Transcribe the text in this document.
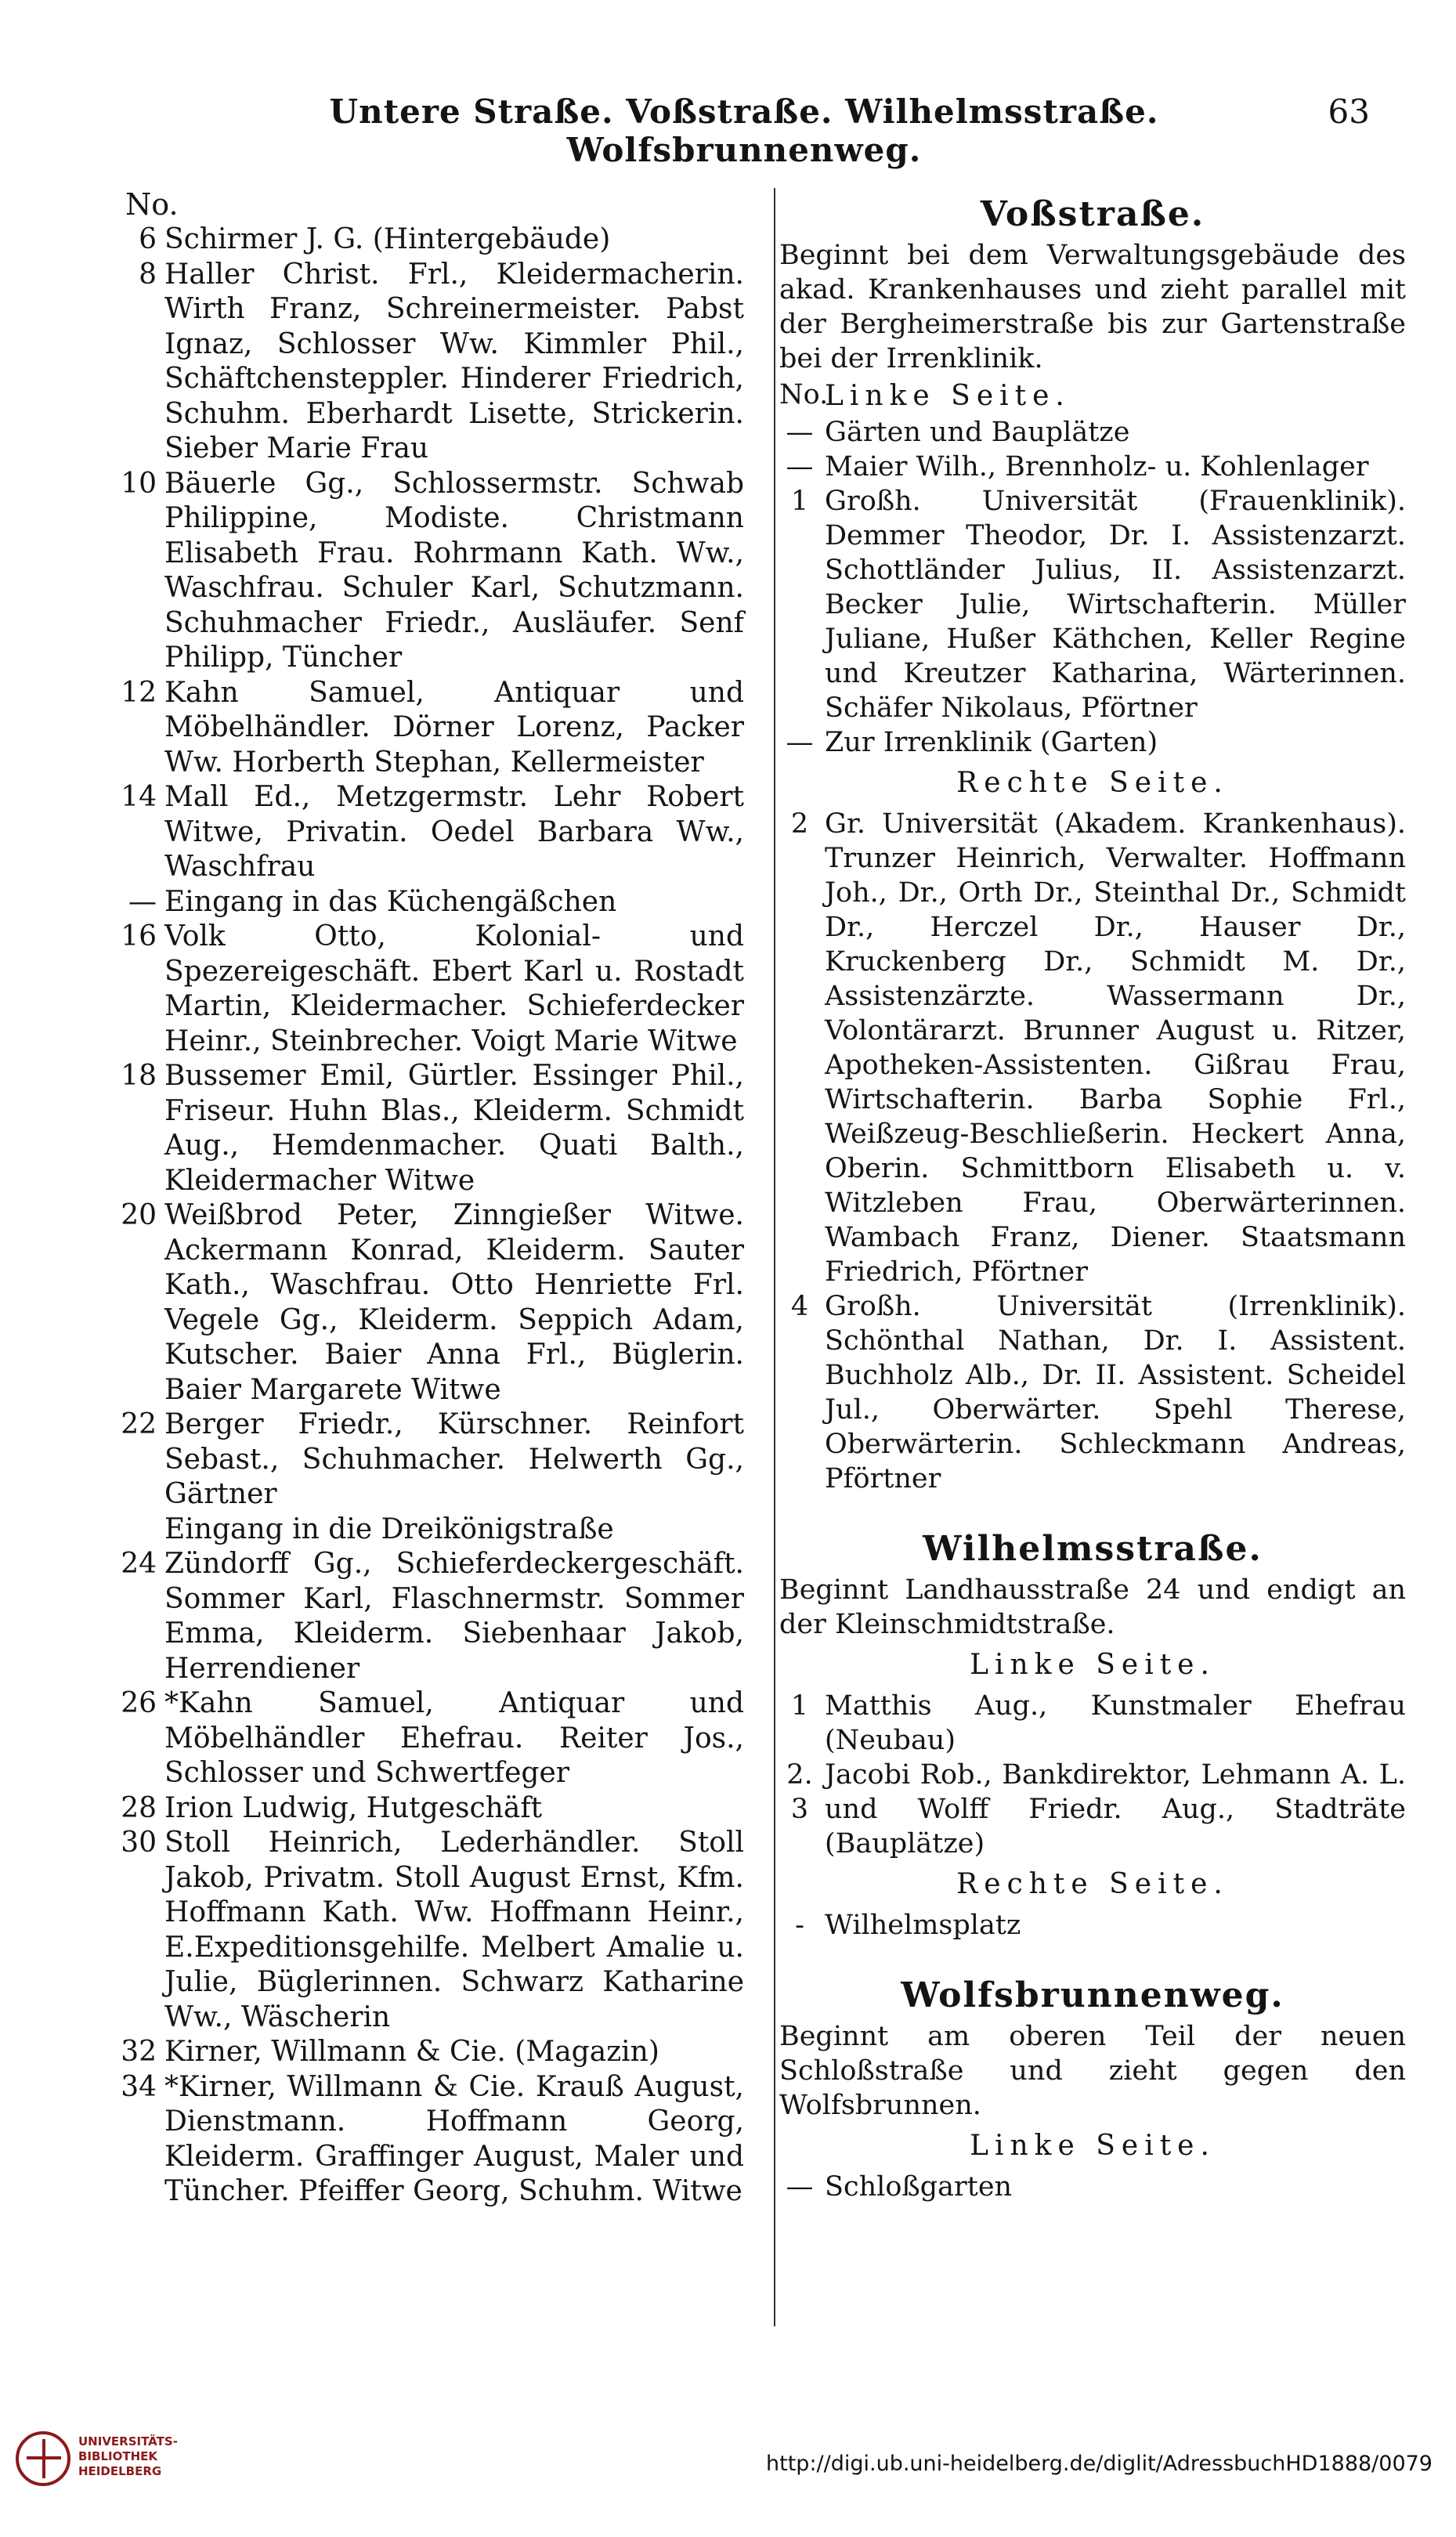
Untere Straße. Voßstraße. Wilhelmsstraße. Wolfsbrunnenweg.
63
No.
6 Schirmer J. G. (Hintergebäude)
8 Haller Christ. Frl., Kleidermacherin. Wirth Franz, Schreinermeister. Pabst Ignaz, Schlosser Ww. Kimmler Phil., Schäftchensteppler. Hinderer Friedrich, Schuhm. Eberhardt Lisette, Strickerin. Sieber Marie Frau
10 Bäuerle Gg., Schlossermstr. Schwab Philippine, Modiste. Christmann Elisabeth Frau. Rohrmann Kath. Ww., Waschfrau. Schuler Karl, Schutzmann. Schuhmacher Friedr., Ausläufer. Senf Philipp, Tüncher
12 Kahn Samuel, Antiquar und Möbelhändler. Dörner Lorenz, Packer Ww. Horberth Stephan, Kellermeister
14 Mall Ed., Metzgermstr. Lehr Robert Witwe, Privatin. Oedel Barbara Ww., Waschfrau
— Eingang in das Küchengäßchen
16 Volk Otto, Kolonial- und Spezereigeschäft. Ebert Karl u. Rostadt Martin, Kleidermacher. Schieferdecker Heinr., Steinbrecher. Voigt Marie Witwe
18 Bussemer Emil, Gürtler. Essinger Phil., Friseur. Huhn Blas., Kleiderm. Schmidt Aug., Hemdenmacher. Quati Balth., Kleidermacher Witwe
20 Weißbrod Peter, Zinngießer Witwe. Ackermann Konrad, Kleiderm. Sauter Kath., Waschfrau. Otto Henriette Frl. Vegele Gg., Kleiderm. Seppich Adam, Kutscher. Baier Anna Frl., Büglerin. Baier Margarete Witwe
22 Berger Friedr., Kürschner. Reinfort Sebast., Schuhmacher. Helwerth Gg., Gärtner
Eingang in die Dreikönigstraße
24 Zündorff Gg., Schieferdeckergeschäft. Sommer Karl, Flaschnermstr. Sommer Emma, Kleiderm. Siebenhaar Jakob, Herrendiener
26 *Kahn Samuel, Antiquar und Möbelhändler Ehefrau. Reiter Jos., Schlosser und Schwertfeger
28 Irion Ludwig, Hutgeschäft
30 Stoll Heinrich, Lederhändler. Stoll Jakob, Privatm. Stoll August Ernst, Kfm. Hoffmann Kath. Ww. Hoffmann Heinr., E.Expeditionsgehilfe. Melbert Amalie u. Julie, Büglerinnen. Schwarz Katharine Ww., Wäscherin
32 Kirner, Willmann & Cie. (Magazin)
34 *Kirner, Willmann & Cie. Krauß August, Dienstmann. Hoffmann Georg, Kleiderm. Graffinger August, Maler und Tüncher. Pfeiffer Georg, Schuhm. Witwe
Voßstraße.
Beginnt bei dem Verwaltungsgebäude des akad. Krankenhauses und zieht parallel mit der Bergheimerstraße bis zur Gartenstraße bei der Irrenklinik.
No.
Linke Seite.
— Gärten und Bauplätze
— Maier Wilh., Brennholz- u. Kohlenlager
1 Großh. Universität (Frauenklinik). Demmer Theodor, Dr. I. Assistenzarzt. Schottländer Julius, II. Assistenzarzt. Becker Julie, Wirtschafterin. Müller Juliane, Hußer Käthchen, Keller Regine und Kreutzer Katharina, Wärterinnen. Schäfer Nikolaus, Pförtner
— Zur Irrenklinik (Garten)
Rechte Seite.
2 Gr. Universität (Akadem. Krankenhaus). Trunzer Heinrich, Verwalter. Hoffmann Joh., Dr., Orth Dr., Steinthal Dr., Schmidt Dr., Herczel Dr., Hauser Dr., Kruckenberg Dr., Schmidt M. Dr., Assistenzärzte. Wassermann Dr., Volontärarzt. Brunner August u. Ritzer, Apotheken-Assistenten. Gißrau Frau, Wirtschafterin. Barba Sophie Frl., Weißzeug-Beschließerin. Heckert Anna, Oberin. Schmittborn Elisabeth u. v. Witzleben Frau, Oberwärterinnen. Wambach Franz, Diener. Staatsmann Friedrich, Pförtner
4 Großh. Universität (Irrenklinik). Schönthal Nathan, Dr. I. Assistent. Buchholz Alb., Dr. II. Assistent. Scheidel Jul., Oberwärter. Spehl Therese, Oberwärterin. Schleckmann Andreas, Pförtner
Wilhelmsstraße.
Beginnt Landhausstraße 24 und endigt an der Kleinschmidtstraße.
Linke Seite.
1 Matthis Aug., Kunstmaler Ehefrau (Neubau)
2. 3
Jacobi Rob., Bankdirektor, Lehmann A. L. und Wolff Friedr. Aug., Stadträte (Bauplätze)
Rechte Seite.
- Wilhelmsplatz
Wolfsbrunnenweg.
Beginnt am oberen Teil der neuen Schloßstraße und zieht gegen den Wolfsbrunnen.
Linke Seite.
— Schloßgarten
UNIVERSITÄTS-
BIBLIOTHEK
HEIDELBERG	http://digi.ub.uni-heidelberg.de/diglit/AdressbuchHD1888/0079
